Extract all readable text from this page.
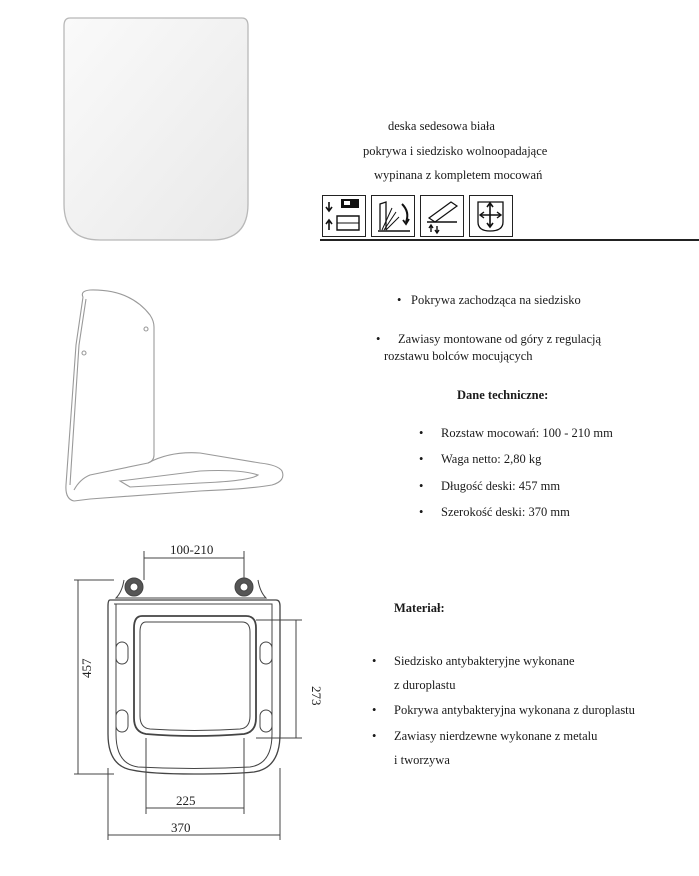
deska sedesowa biała
pokrywa i siedzisko wolnoopadające
wypinana z kompletem mocowań
• Pokrywa zachodząca na siedzisko
•	Zawiasy montowane od góry z regulacją
rozstawu bolców mocujących
Dane techniczne:
•	Rozstaw mocowań: 100 - 210 mm
•	Waga netto: 2,80 kg
•	Długość deski: 457 mm
•	Szerokość deski: 370 mm
100-210
457
273
225
370
Materiał:
•	Siedzisko antybakteryjne wykonane
z duroplastu
•	Pokrywa antybakteryjna wykonana z duroplastu
•	Zawiasy nierdzewne wykonane z metalu
i tworzywa
